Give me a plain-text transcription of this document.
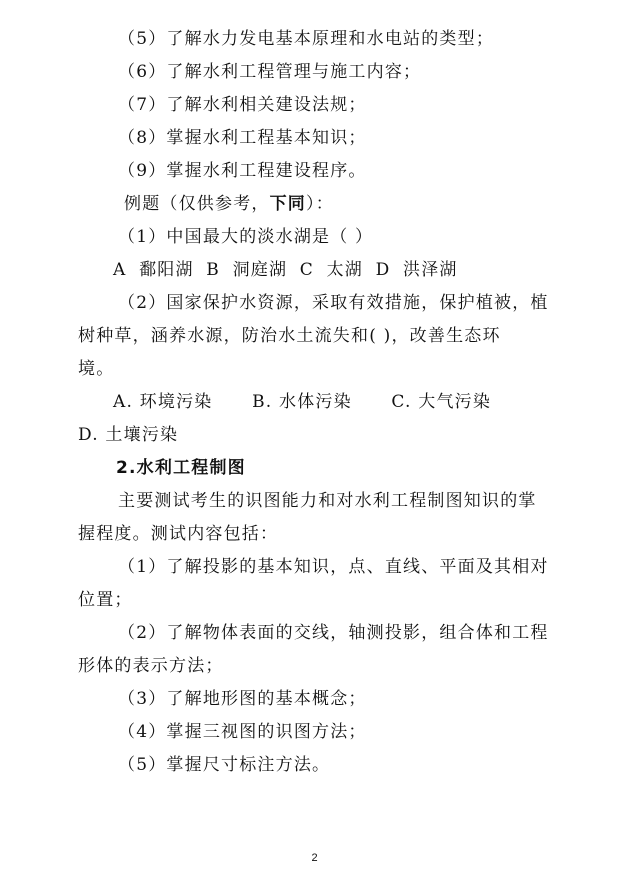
（5）了解水力发电基本原理和水电站的类型；
（6）了解水利工程管理与施工内容；
（7）了解水利相关建设法规；
（8）掌握水利工程基本知识；
（9）掌握水利工程建设程序。
例题（仅供参考，下同）：
（1）中国最大的淡水湖是（ ）
A 鄱阳湖 B 洞庭湖 C 太湖 D 洪泽湖
（2）国家保护水资源，采取有效措施，保护植被，植
树种草，涵养水源，防治水土流失和( )，改善生态环
境。
A. 环境污染      B. 水体污染      C. 大气污染
D. 土壤污染
2.水利工程制图
主要测试考生的识图能力和对水利工程制图知识的掌
握程度。测试内容包括：
（1）了解投影的基本知识，点、直线、平面及其相对
位置；
（2）了解物体表面的交线，轴测投影，组合体和工程
形体的表示方法；
（3）了解地形图的基本概念；
（4）掌握三视图的识图方法；
（5）掌握尺寸标注方法。
2
